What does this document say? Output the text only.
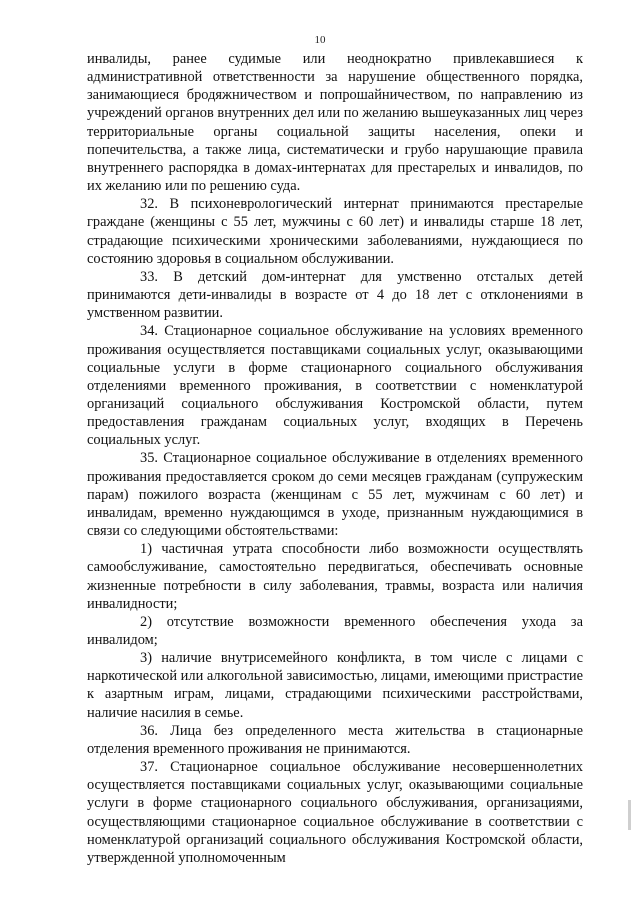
10

инвалиды, ранее судимые или неоднократно привлекавшиеся к административной ответственности за нарушение общественного порядка, занимающиеся бродяжничеством и попрошайничеством, по направлению из учреждений органов внутренних дел или по желанию вышеуказанных лиц через территориальные органы социальной защиты населения, опеки и попечительства, а также лица, систематически и грубо нарушающие правила внутреннего распорядка в домах-интернатах для престарелых и инвалидов, по их желанию или по решению суда.

32. В психоневрологический интернат принимаются престарелые граждане (женщины с 55 лет, мужчины с 60 лет) и инвалиды старше 18 лет, страдающие психическими хроническими заболеваниями, нуждающиеся по состоянию здоровья в социальном обслуживании.

33. В детский дом-интернат для умственно отсталых детей принимаются дети-инвалиды в возрасте от 4 до 18 лет с отклонениями в умственном развитии.

34. Стационарное социальное обслуживание на условиях временного проживания осуществляется поставщиками социальных услуг, оказывающими социальные услуги в форме стационарного социального обслуживания отделениями временного проживания, в соответствии с номенклатурой организаций социального обслуживания Костромской области, путем предоставления гражданам социальных услуг, входящих в Перечень социальных услуг.

35. Стационарное социальное обслуживание в отделениях временного проживания предоставляется сроком до семи месяцев гражданам (супружеским парам) пожилого возраста (женщинам с 55 лет, мужчинам с 60 лет) и инвалидам, временно нуждающимся в уходе, признанным нуждающимися в связи со следующими обстоятельствами:

1) частичная утрата способности либо возможности осуществлять самообслуживание, самостоятельно передвигаться, обеспечивать основные жизненные потребности в силу заболевания, травмы, возраста или наличия инвалидности;

2) отсутствие возможности временного обеспечения ухода за инвалидом;

3) наличие внутрисемейного конфликта, в том числе с лицами с наркотической или алкогольной зависимостью, лицами, имеющими пристрастие к азартным играм, лицами, страдающими психическими расстройствами, наличие насилия в семье.

36. Лица без определенного места жительства в стационарные отделения временного проживания не принимаются.

37. Стационарное социальное обслуживание несовершеннолетних осуществляется поставщиками социальных услуг, оказывающими социальные услуги в форме стационарного социального обслуживания, организациями, осуществляющими стационарное социальное обслуживание в соответствии с номенклатурой организаций социального обслуживания Костромской области, утвержденной уполномоченным
